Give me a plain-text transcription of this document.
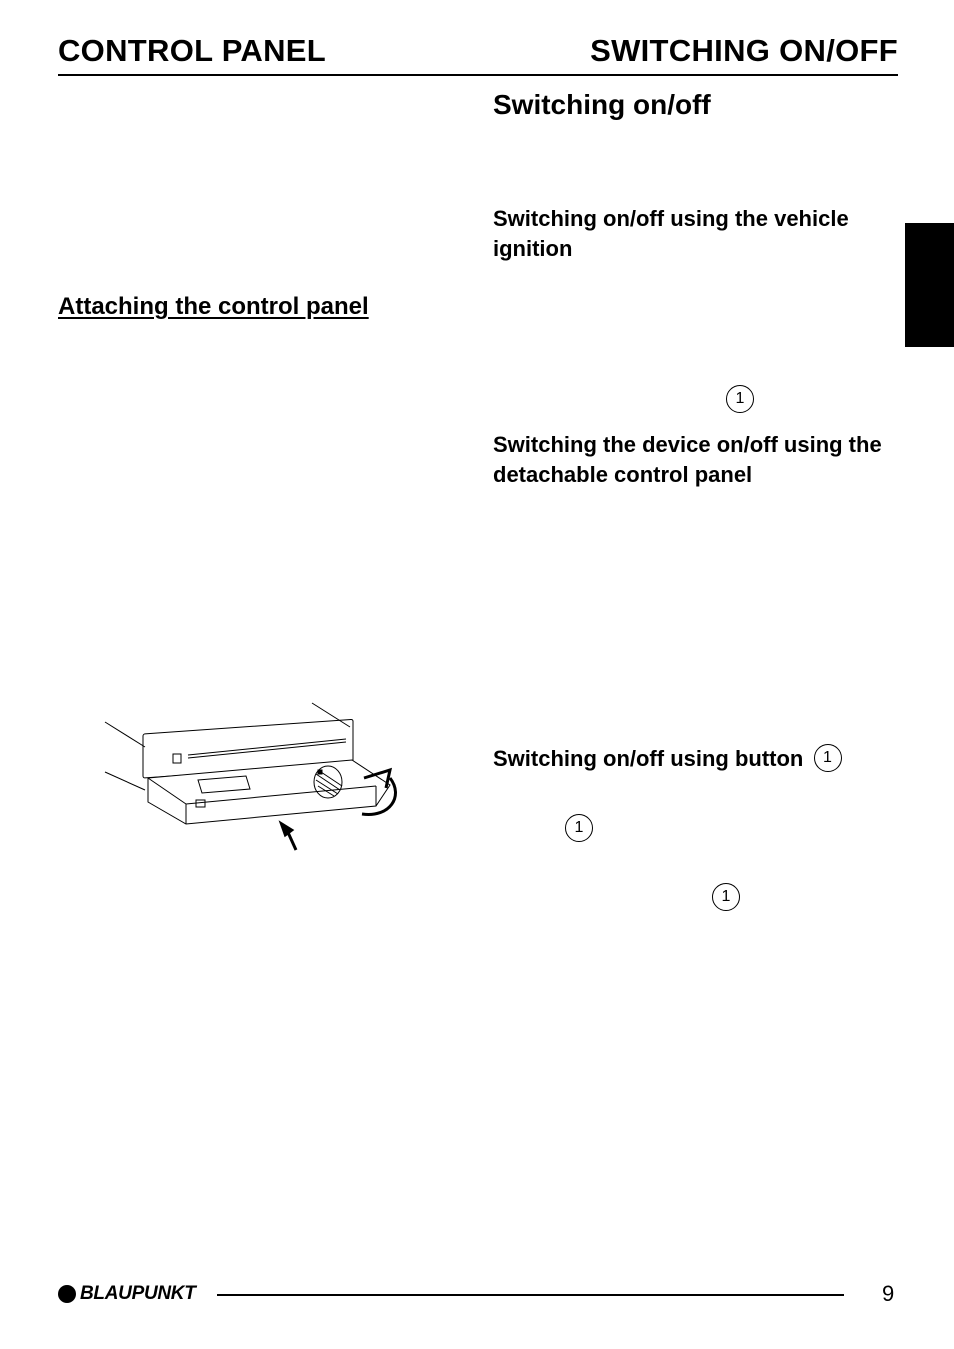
CONTROL PANEL	SWITCHING ON/OFF
Switching on/off
Switching on/off using the vehicle ignition
Attaching the control panel
1
Switching the device on/off using the detachable control panel
Switching on/off using button 1
1
1
BLAUPUNKT	9
